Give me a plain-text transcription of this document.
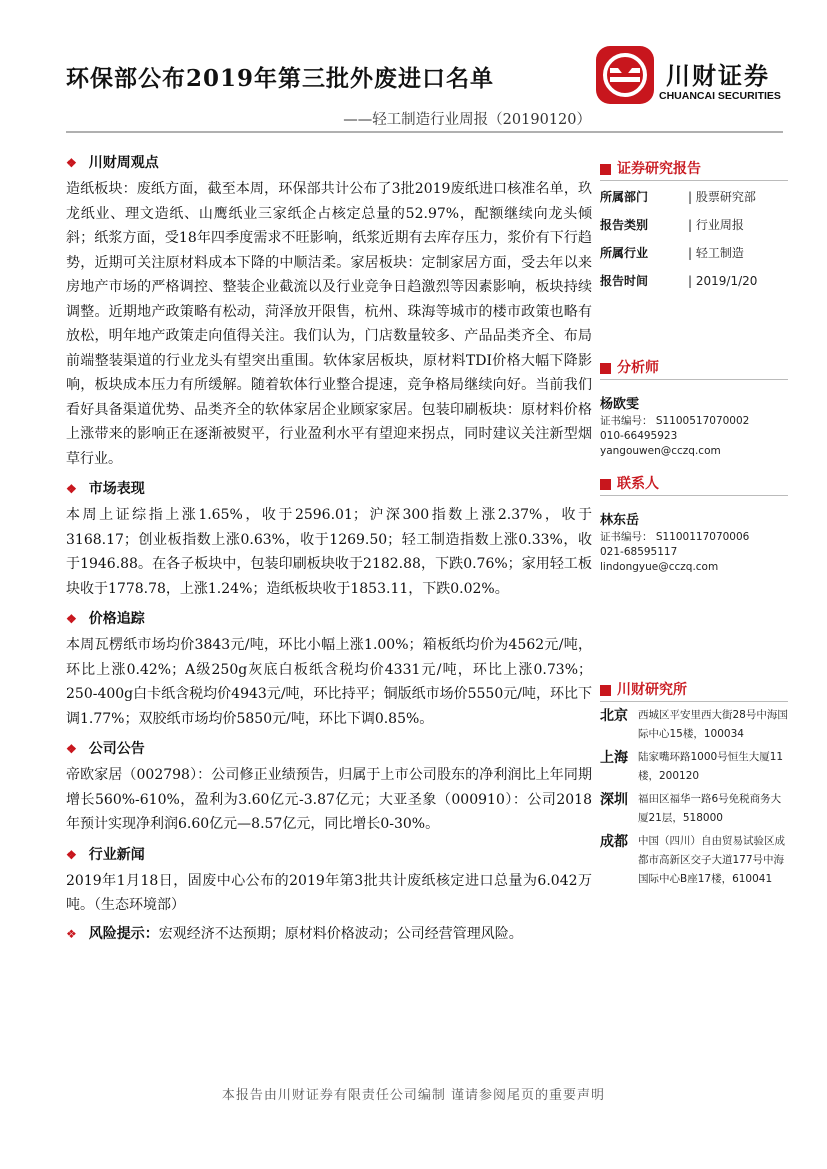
环保部公布2019年第三批外废进口名单
——轻工制造行业周报（20190120）
川财证券
CHUANCAI SECURITIES
❖ 川财周观点
造纸板块：废纸方面，截至本周，环保部共计公布了3批2019废纸进口核准名单，玖龙纸业、理文造纸、山鹰纸业三家纸企占核定总量的52.97%，配额继续向龙头倾斜；纸浆方面，受18年四季度需求不旺影响，纸浆近期有去库存压力，浆价有下行趋势，近期可关注原材料成本下降的中顺洁柔。家居板块：定制家居方面，受去年以来房地产市场的严格调控、整装企业截流以及行业竞争日趋激烈等因素影响，板块持续调整。近期地产政策略有松动，菏泽放开限售，杭州、珠海等城市的楼市政策也略有放松，明年地产政策走向值得关注。我们认为，门店数量较多、产品品类齐全、布局前端整装渠道的行业龙头有望突出重围。软体家居板块，原材料TDI价格大幅下降影响，板块成本压力有所缓解。随着软体行业整合提速，竞争格局继续向好。当前我们看好具备渠道优势、品类齐全的软体家居企业顾家家居。包装印刷板块：原材料价格上涨带来的影响正在逐渐被熨平，行业盈利水平有望迎来拐点，同时建议关注新型烟草行业。
❖ 市场表现
本周上证综指上涨1.65%，收于2596.01；沪深300指数上涨2.37%，收于3168.17；创业板指数上涨0.63%，收于1269.50；轻工制造指数上涨0.33%，收于1946.88。在各子板块中，包装印刷板块收于2182.88，下跌0.76%；家用轻工板块收于1778.78，上涨1.24%；造纸板块收于1853.11，下跌0.02%。
❖ 价格追踪
本周瓦楞纸市场均价3843元/吨，环比小幅上涨1.00%；箱板纸均价为4562元/吨，环比上涨0.42%；A级250g灰底白板纸含税均价4331元/吨，环比上涨0.73%；250-400g白卡纸含税均价4943元/吨，环比持平；铜版纸市场价5550元/吨，环比下调1.77%；双胶纸市场均价5850元/吨，环比下调0.85%。
❖ 公司公告
帝欧家居（002798）：公司修正业绩预告，归属于上市公司股东的净利润比上年同期增长560%-610%，盈利为3.60亿元-3.87亿元；大亚圣象（000910）：公司2018年预计实现净利润6.60亿元—8.57亿元，同比增长0-30%。
❖ 行业新闻
2019年1月18日，固废中心公布的2019年第3批共计废纸核定进口总量为6.042万吨。（生态环境部）
❖ 风险提示：宏观经济不达预期；原材料价格波动；公司经营管理风险。
证券研究报告
所属部门	| 股票研究部
报告类别	| 行业周报
所属行业	| 轻工制造
报告时间	| 2019/1/20
分析师
杨欧雯
证书编号： S1100517070002
010-66495923
yangouwen@cczq.com
联系人
林东岳
证书编号： S1100117070006
021-68595117
lindongyue@cczq.com
川财研究所
北京 西城区平安里西大街28号中海国际中心15楼，100034
上海 陆家嘴环路1000号恒生大厦11楼，200120
深圳 福田区福华一路6号免税商务大厦21层，518000
成都 中国（四川）自由贸易试验区成都市高新区交子大道177号中海国际中心B座17楼，610041
本报告由川财证券有限责任公司编制 谨请参阅尾页的重要声明
